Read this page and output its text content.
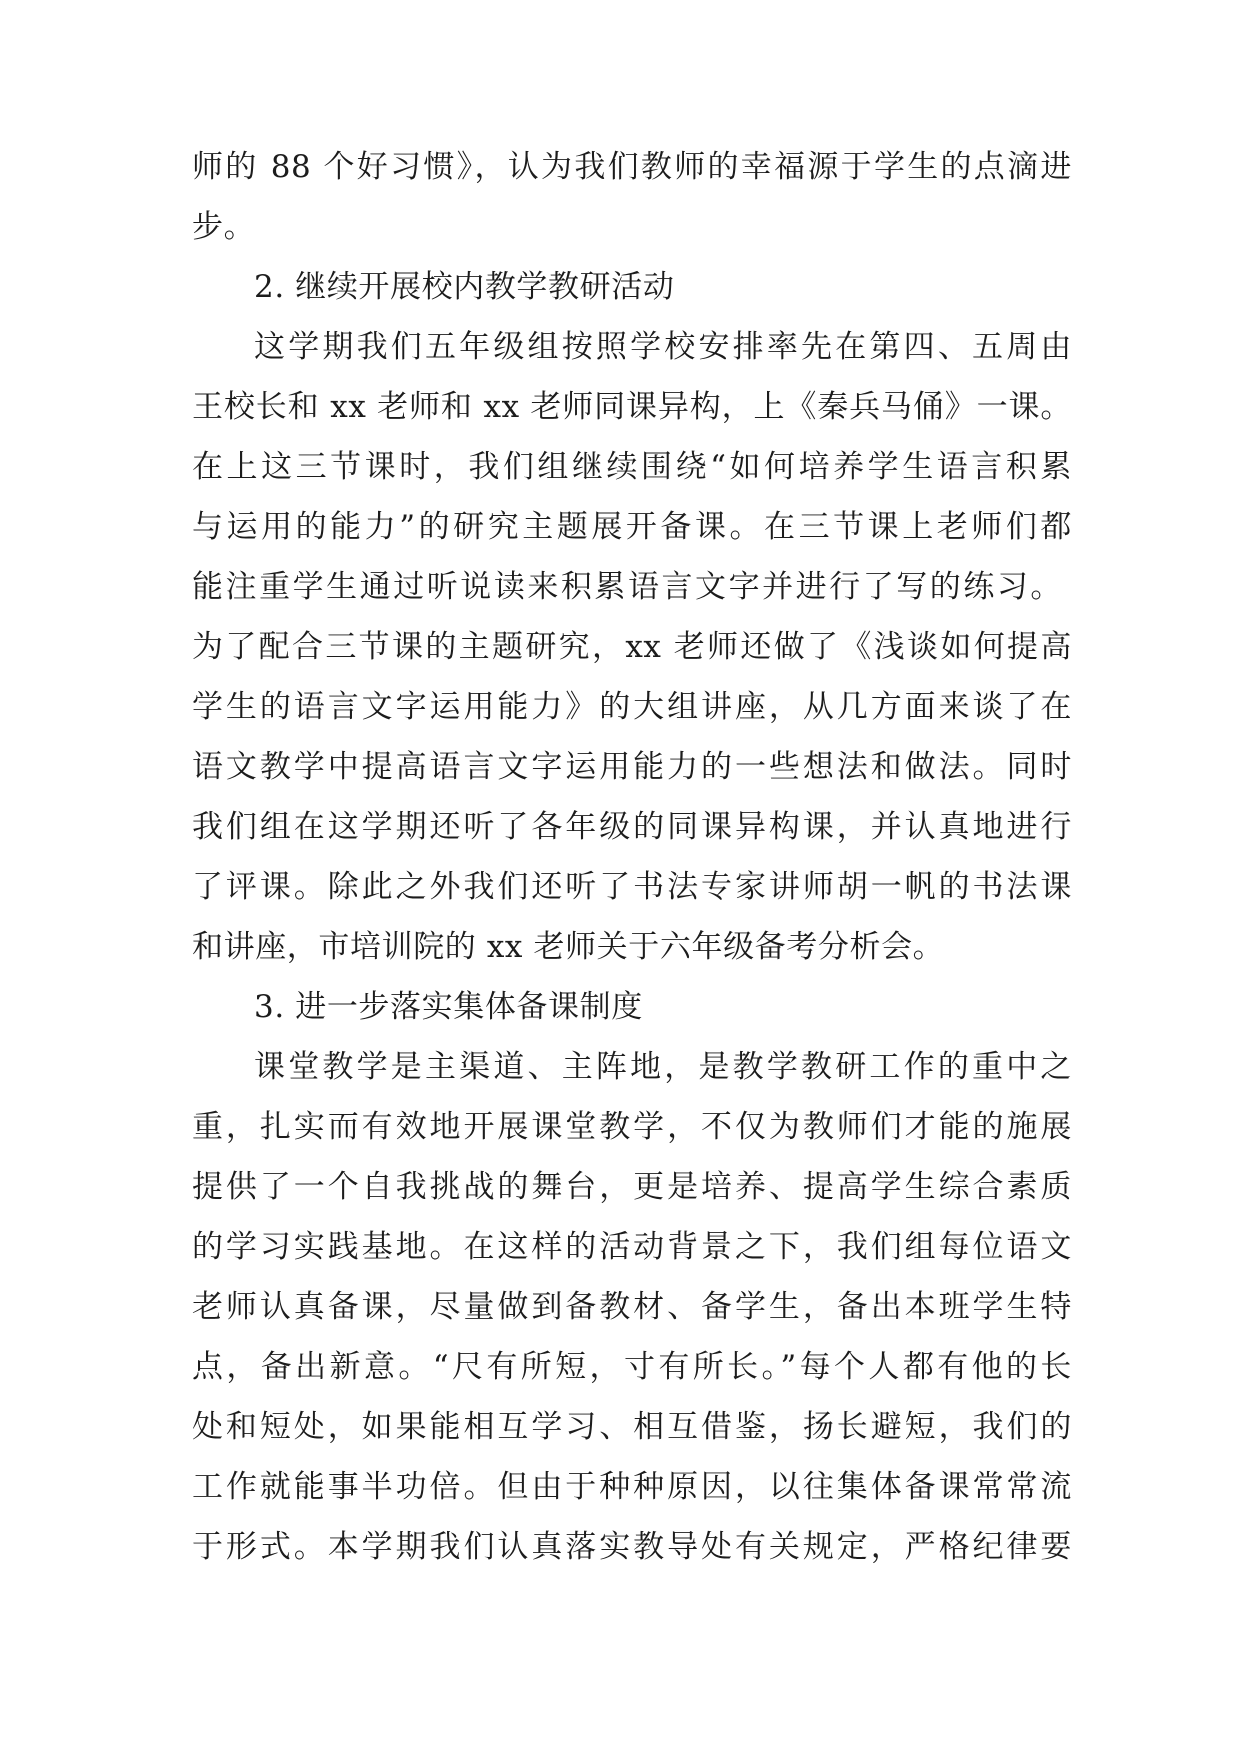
师的 88 个好习惯》，认为我们教师的幸福源于学生的点滴进
步。
2. 继续开展校内教学教研活动
这学期我们五年级组按照学校安排率先在第四、五周由
王校长和 xx 老师和 xx 老师同课异构，上《秦兵马俑》一课。
在上这三节课时，我们组继续围绕“如何培养学生语言积累
与运用的能力”的研究主题展开备课。在三节课上老师们都
能注重学生通过听说读来积累语言文字并进行了写的练习。
为了配合三节课的主题研究，xx 老师还做了《浅谈如何提高
学生的语言文字运用能力》的大组讲座，从几方面来谈了在
语文教学中提高语言文字运用能力的一些想法和做法。同时
我们组在这学期还听了各年级的同课异构课，并认真地进行
了评课。除此之外我们还听了书法专家讲师胡一帆的书法课
和讲座，市培训院的 xx 老师关于六年级备考分析会。
3. 进一步落实集体备课制度
课堂教学是主渠道、主阵地，是教学教研工作的重中之
重，扎实而有效地开展课堂教学，不仅为教师们才能的施展
提供了一个自我挑战的舞台，更是培养、提高学生综合素质
的学习实践基地。在这样的活动背景之下，我们组每位语文
老师认真备课，尽量做到备教材、备学生，备出本班学生特
点，备出新意。“尺有所短，寸有所长。”每个人都有他的长
处和短处，如果能相互学习、相互借鉴，扬长避短，我们的
工作就能事半功倍。但由于种种原因，以往集体备课常常流
于形式。本学期我们认真落实教导处有关规定，严格纪律要
